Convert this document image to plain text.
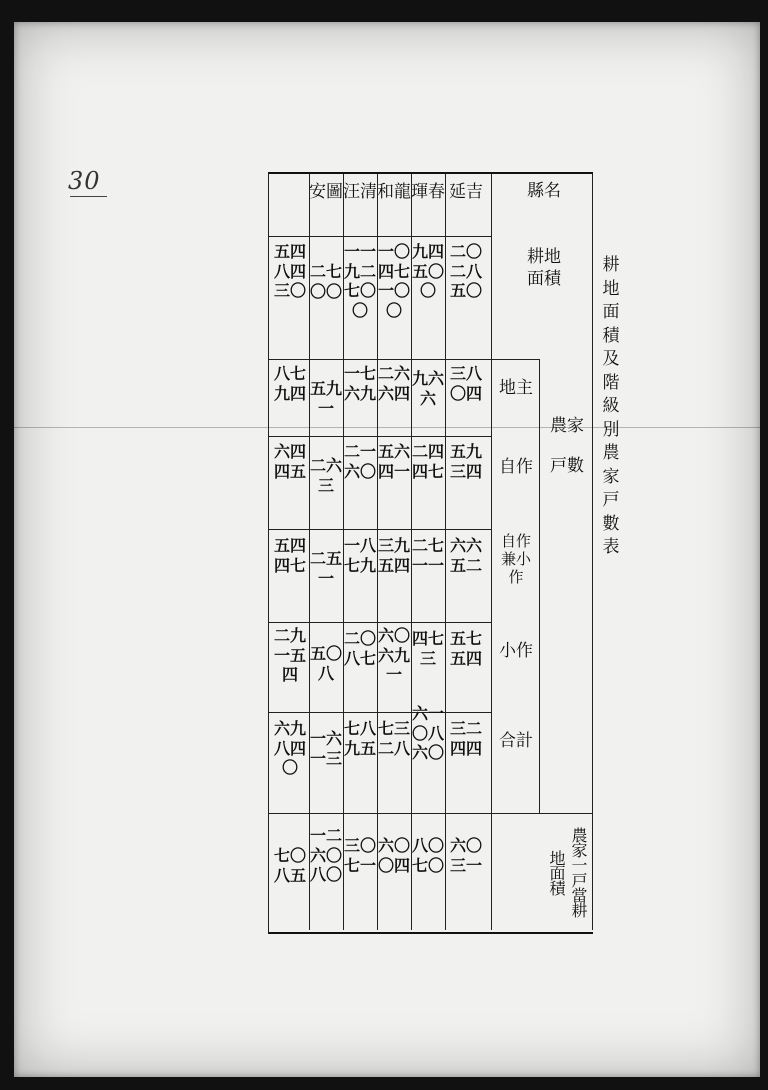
30
耕地面積及階級別農家戸數表
縣名
耕地面積
農家戸數
地主
自作
自作兼小作
小作
合計
農家一戸當耕地面積
延吉
二〇二八五〇
三八〇四
五九三四
六六五二
五七五四
三二四四
六〇三一
琿春
九四五〇〇
九六六
二四四七
二七一一
四七三
六一〇八六〇
八〇七〇
和龍
一〇四七一〇〇
二六六四
五六四一
三九五四
六〇六九一
七三二八
六〇〇四
汪清
一一九二七〇〇
一七六九
二一六〇
一八七九
二〇八七
七八九五
三〇七一
安圖
二七〇〇
五九一
二六三
二五一
五〇八
一六一三
一二六〇八〇
五四八四三〇
八七九四
六四四五
五四四七
二九一五四
六九八四〇
七〇八五
